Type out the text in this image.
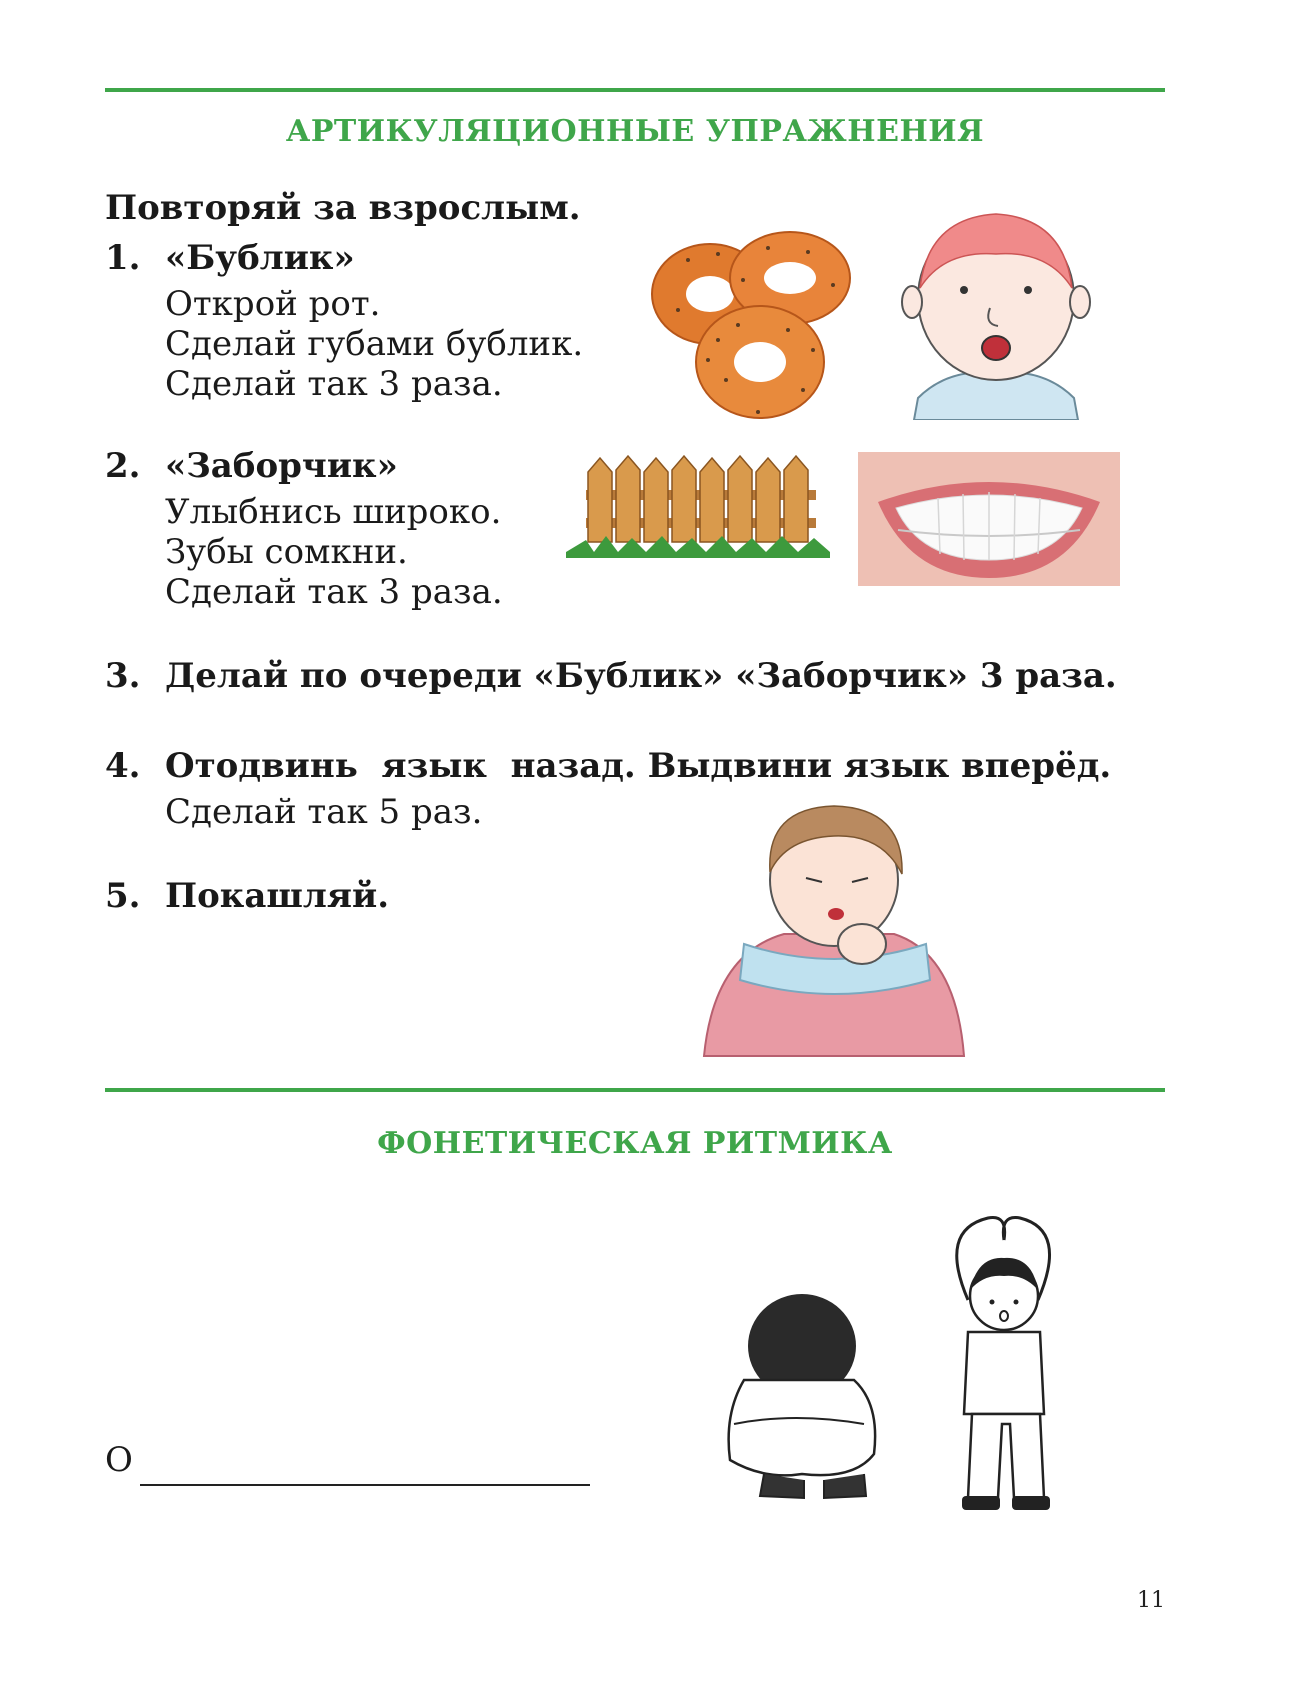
АРТИКУЛЯЦИОННЫЕ УПРАЖНЕНИЯ
Повторяй за взрослым.
1. «Бублик»
Открой рот.
Сделай губами бублик.
Сделай так 3 раза.
2. «Заборчик»
Улыбнись широко.
Зубы сомкни.
Сделай так 3 раза.
3. Делай по очереди «Бублик» «Заборчик» 3 раза.
4. Отодвинь  язык  назад. Выдвини язык вперёд.
Сделай так 5 раз.
5. Покашляй.
ФОНЕТИЧЕСКАЯ РИТМИКА
О
11
